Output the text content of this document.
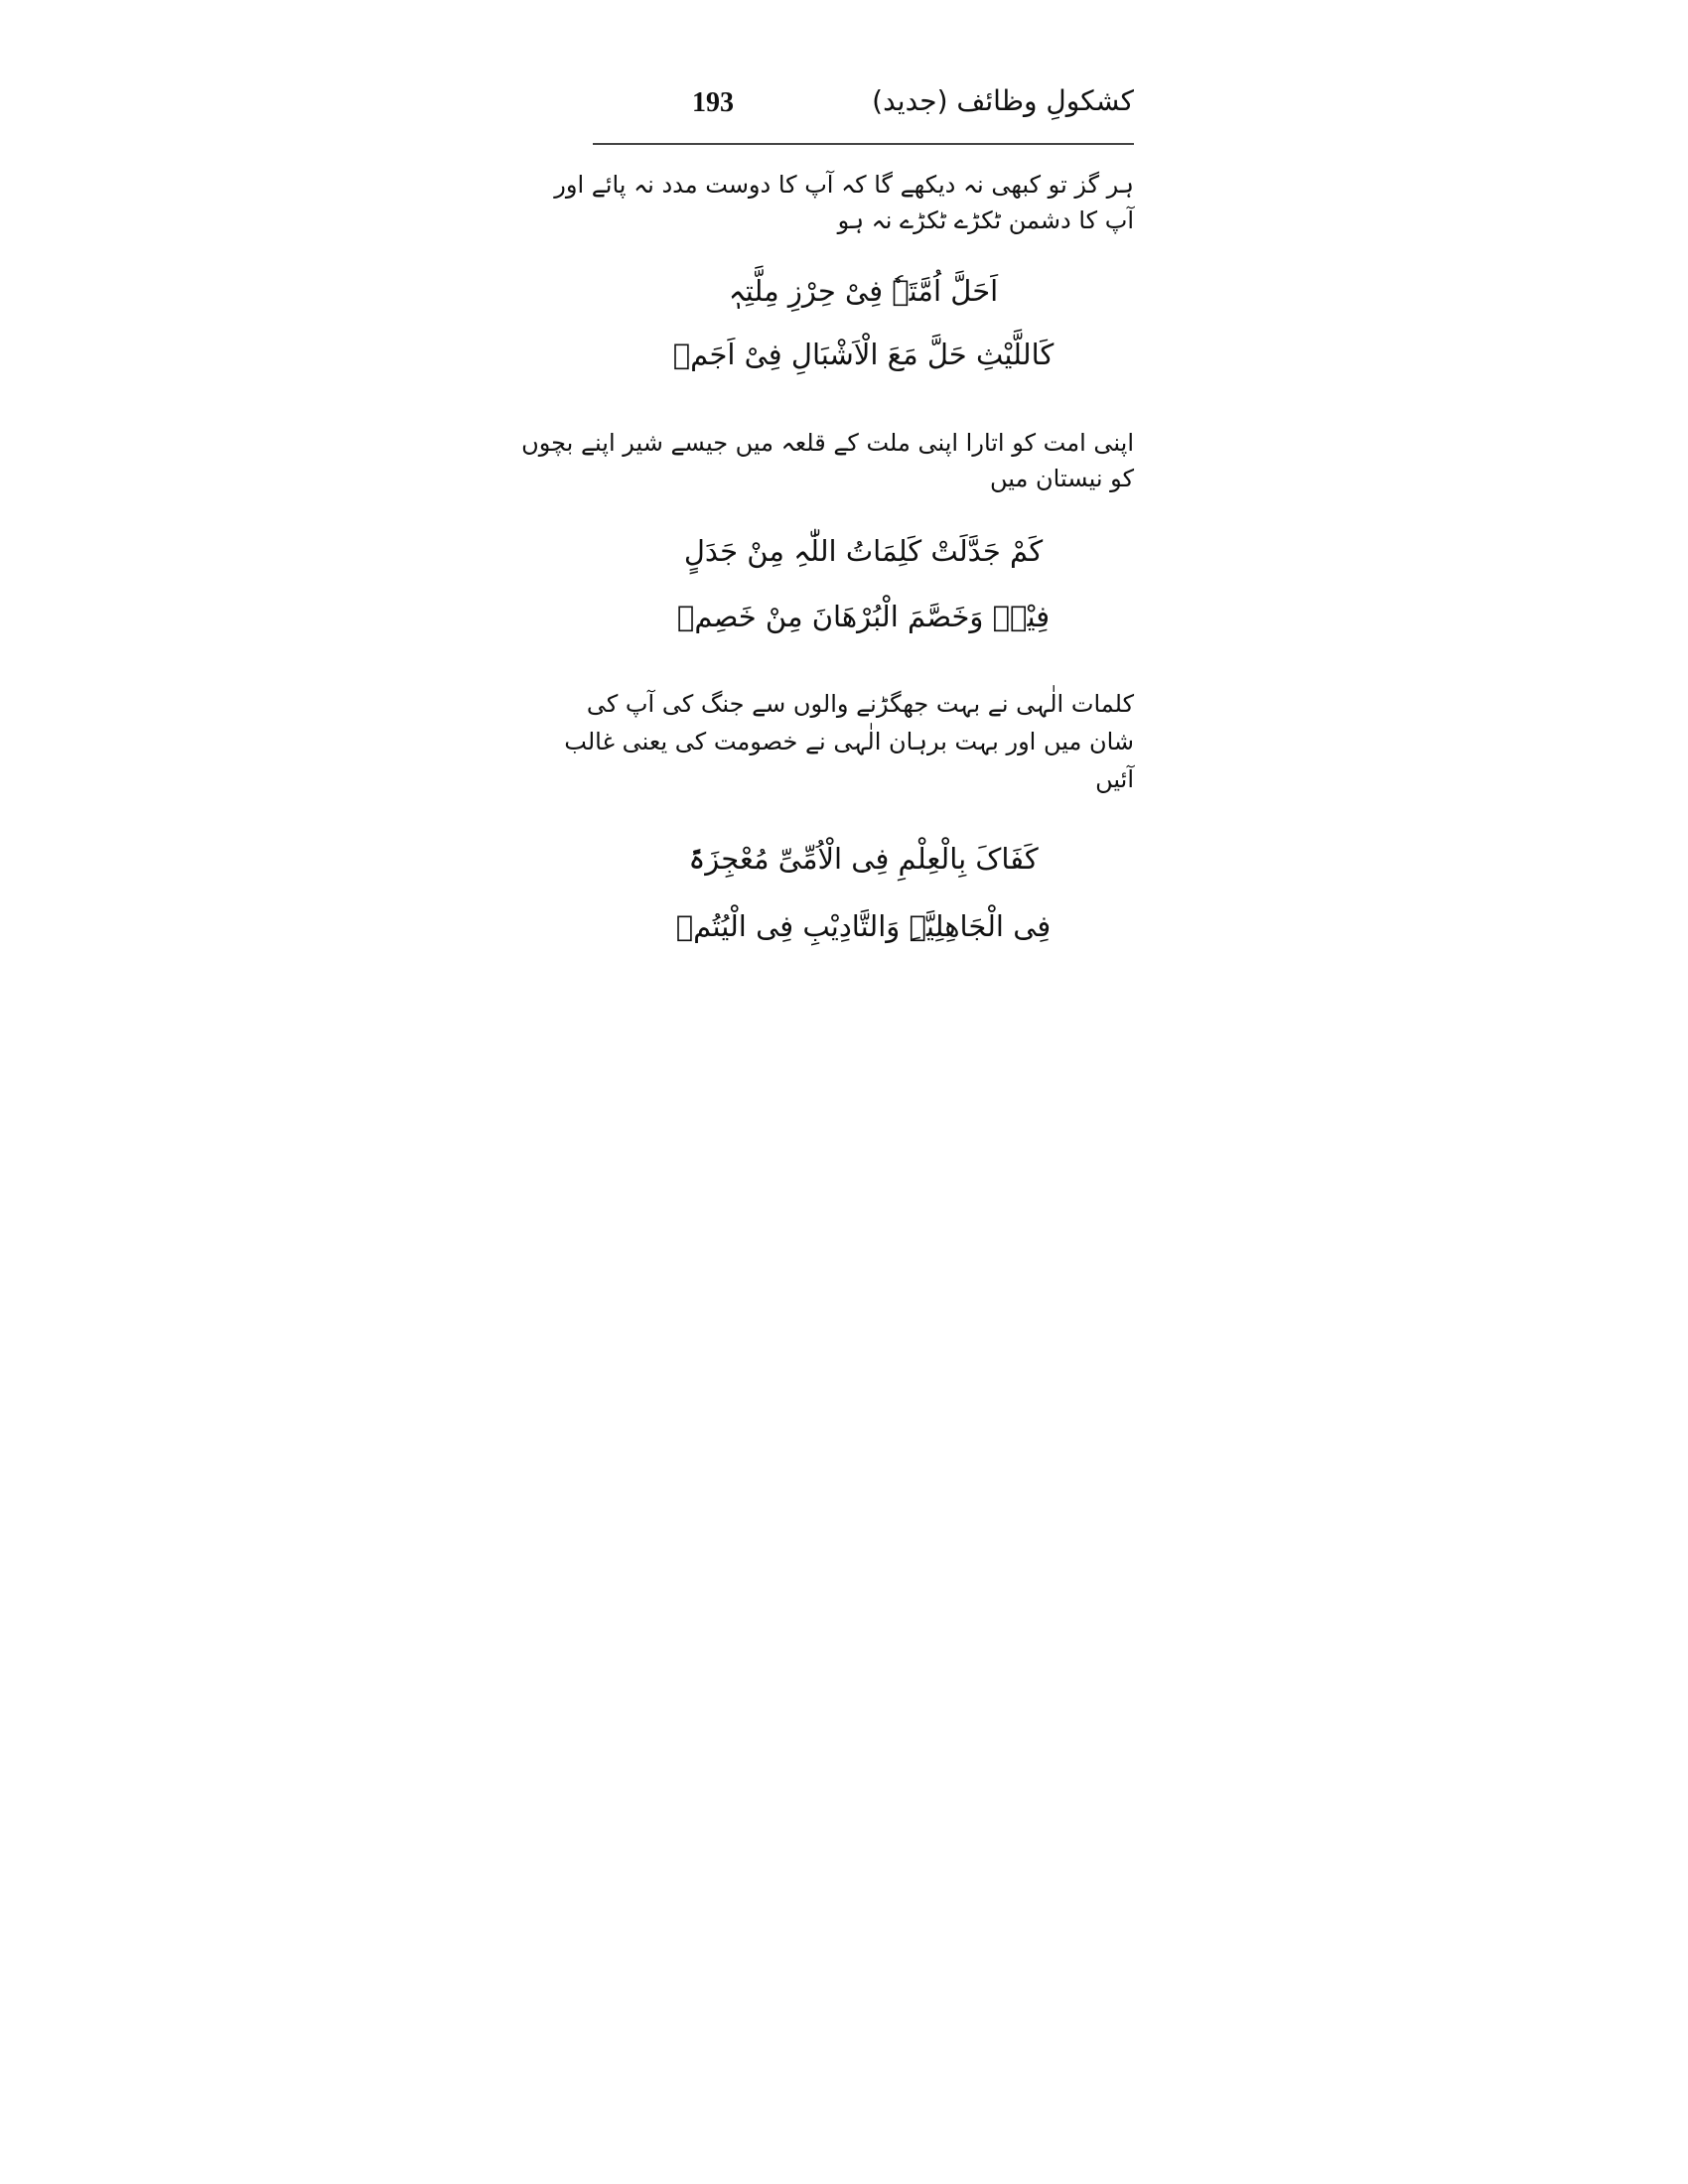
193	کشکولِ وظائف (جدید)
ہر گز تو کبھی نہ دیکھے گا کہ آپ کا دوست مدد نہ پائے اور
آپ کا دشمن ٹکڑے ٹکڑے نہ ہو
اَحَلَّ اُمَّتَہٗ فِیْ حِرْزِ مِلَّتِہٖ
کَاللَّیْثِ حَلَّ مَعَ الْاَشْبَالِ فِیْ اَجَمٖ
اپنی امت کو اتارا اپنی ملت کے قلعہ میں جیسے شیر اپنے بچوں
کو نیستان میں
کَمْ جَدَّلَتْ کَلِمَاتُ اللّٰہِ مِنْ جَدَلٍ
فِیْہٖ وَخَصَّمَ الْبُرْھَانَ مِنْ خَصِمٖ
کلمات الٰہی نے بہت جھگڑنے والوں سے جنگ کی آپ کی
شان میں اور بہت برہان الٰہی نے خصومت کی یعنی غالب
آئیں
کَفَاکَ بِالْعِلْمِ فِی الْاُمِّیِّ مُعْجِزَۃً
فِی الْجَاھِلِیَّۃِ وَالتَّادِیْبِ فِی الْیُتُمٖ
